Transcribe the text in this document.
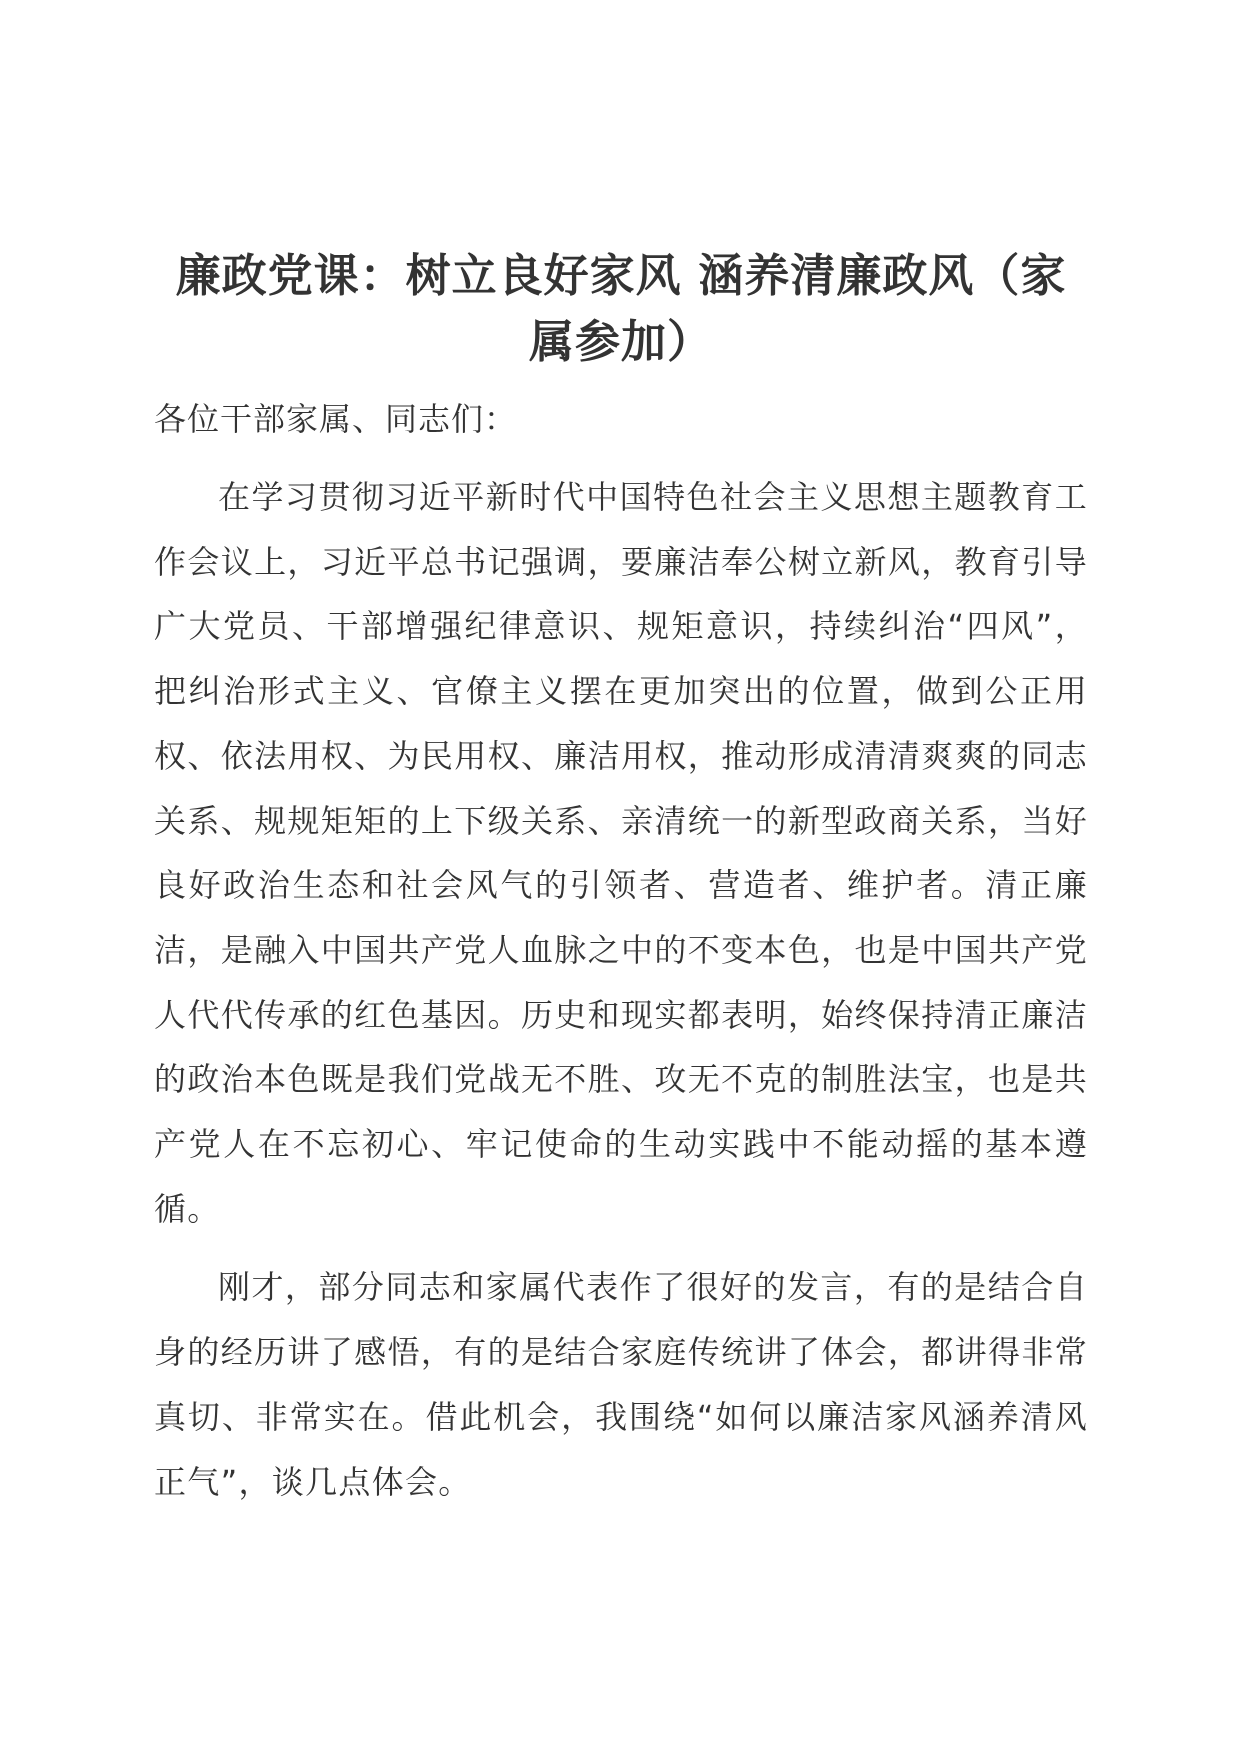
廉政党课：树立良好家风 涵养清廉政风（家属参加）

各位干部家属、同志们：

在学习贯彻习近平新时代中国特色社会主义思想主题教育工作会议上，习近平总书记强调，要廉洁奉公树立新风，教育引导广大党员、干部增强纪律意识、规矩意识，持续纠治“四风”，把纠治形式主义、官僚主义摆在更加突出的位置，做到公正用权、依法用权、为民用权、廉洁用权，推动形成清清爽爽的同志关系、规规矩矩的上下级关系、亲清统一的新型政商关系，当好良好政治生态和社会风气的引领者、营造者、维护者。清正廉洁，是融入中国共产党人血脉之中的不变本色，也是中国共产党人代代传承的红色基因。历史和现实都表明，始终保持清正廉洁的政治本色既是我们党战无不胜、攻无不克的制胜法宝，也是共产党人在不忘初心、牢记使命的生动实践中不能动摇的基本遵循。

刚才，部分同志和家属代表作了很好的发言，有的是结合自身的经历讲了感悟，有的是结合家庭传统讲了体会，都讲得非常真切、非常实在。借此机会，我围绕“如何以廉洁家风涵养清风正气”，谈几点体会。
